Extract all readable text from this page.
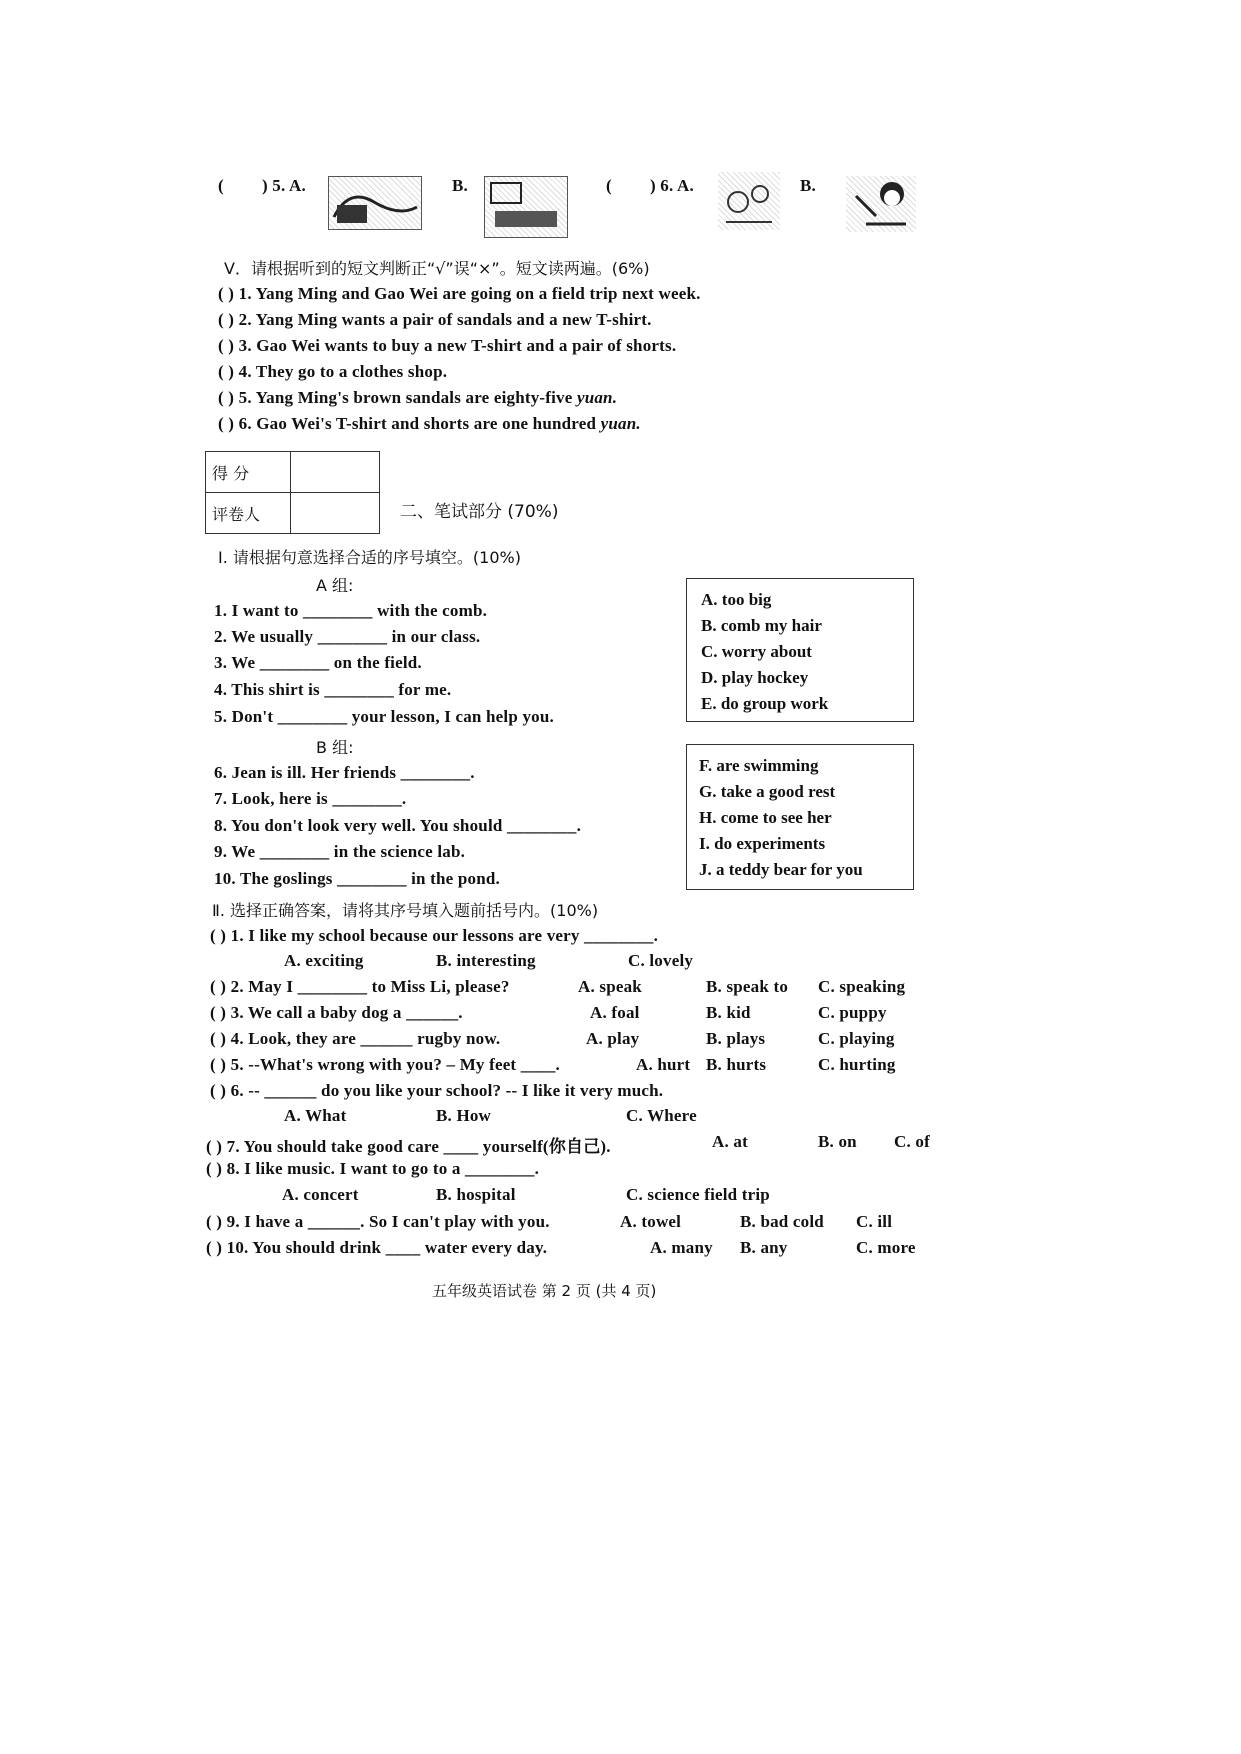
( ) 5. A.	B.	( ) 6. A.	B.
V．请根据听到的短文判断正“√”误“×”。短文读两遍。(6%)
( ) 1. Yang Ming and Gao Wei are going on a field trip next week.
( ) 2. Yang Ming wants a pair of sandals and a new T-shirt.
( ) 3. Gao Wei wants to buy a new T-shirt and a pair of shorts.
( ) 4. They go to a clothes shop.
( ) 5. Yang Ming's brown sandals are eighty-five yuan.
( ) 6. Gao Wei's T-shirt and shorts are one hundred yuan.
得 分	
评卷人		二、笔试部分 (70%)
Ⅰ. 请根据句意选择合适的序号填空。(10%)
A 组:
1. I want to ________ with the comb.
2. We usually ________ in our class.
3. We ________ on the field.
4. This shirt is ________ for me.
5. Don't ________ your lesson, I can help you.
B 组:
6. Jean is ill. Her friends ________.
7. Look, here is ________.
8. You don't look very well. You should ________.
9. We ________ in the science lab.
10. The goslings ________ in the pond.
A. too big
B. comb my hair
C. worry about
D. play hockey
E. do group work
F. are swimming
G. take a good rest
H. come to see her
I. do experiments
J. a teddy bear for you
Ⅱ. 选择正确答案，请将其序号填入题前括号内。(10%)
( ) 1. I like my school because our lessons are very ________.
A. exciting	B. interesting	C. lovely
( ) 2. May I ________ to Miss Li, please?	A. speak	B. speak to C. speaking
( ) 3. We call a baby dog a ______.	A. foal	B. kid	C. puppy
( ) 4. Look, they are ______ rugby now.	A. play	B. plays	C. playing
( ) 5. --What's wrong with you? – My feet ____.	A. hurt B. hurts	C. hurting
( ) 6. -- ______ do you like your school? -- I like it very much.
A. What	B. How	C. Where
( ) 7. You should take good care ____ yourself(你自己).	A. at	B. on C. of
( ) 8. I like music. I want to go to a ________.
A. concert	B. hospital	C. science field trip
( ) 9. I have a ______. So I can't play with you.	A. towel	B. bad cold C. ill
( ) 10. You should drink ____ water every day.	A. many B. any	C. more
五年级英语试卷 第 2 页 (共 4 页)
